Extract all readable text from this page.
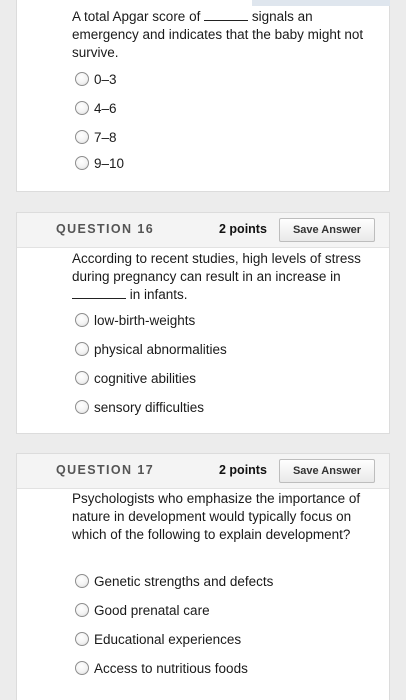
A total Apgar score of	signals an emergency and indicates that the baby might not survive.
0–3
4–6
7–8
9–10
QUESTION 16	2 points	Save Answer
According to recent studies, high levels of stress during pregnancy can result in an increase in  in infants.
low-birth-weights
physical abnormalities
cognitive abilities
sensory difficulties
QUESTION 17	2 points	Save Answer
Psychologists who emphasize the importance of nature in development would typically focus on which of the following to explain development?
Genetic strengths and defects
Good prenatal care
Educational experiences
Access to nutritious foods
